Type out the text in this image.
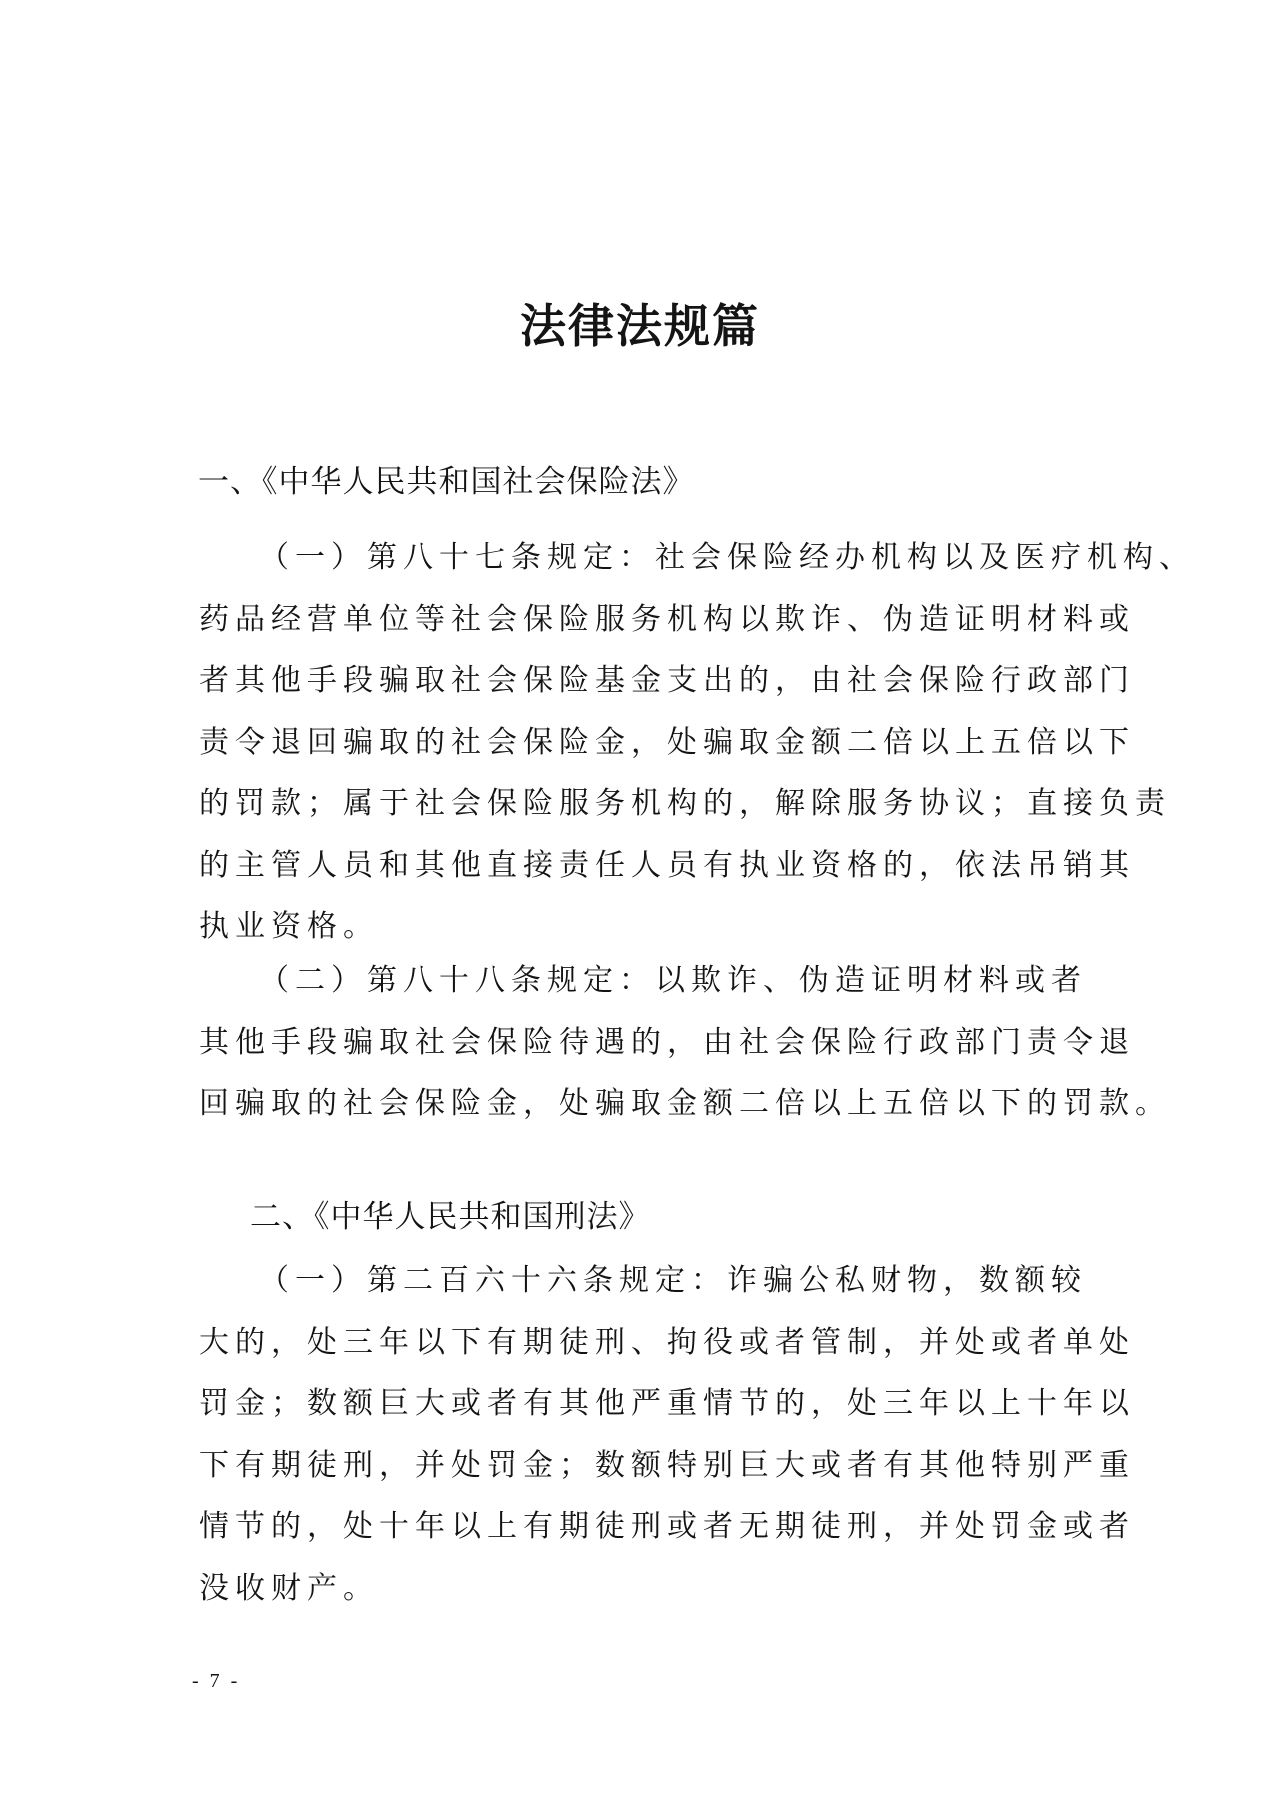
法律法规篇
一、《中华人民共和国社会保险法》

（一）第八十七条规定：社会保险经办机构以及医疗机构、
药品经营单位等社会保险服务机构以欺诈、伪造证明材料或
者其他手段骗取社会保险基金支出的，由社会保险行政部门
责令退回骗取的社会保险金，处骗取金额二倍以上五倍以下
的罚款；属于社会保险服务机构的，解除服务协议；直接负责
的主管人员和其他直接责任人员有执业资格的，依法吊销其
执业资格。

（二）第八十八条规定：以欺诈、伪造证明材料或者
其他手段骗取社会保险待遇的，由社会保险行政部门责令退
回骗取的社会保险金，处骗取金额二倍以上五倍以下的罚款。

二、《中华人民共和国刑法》

（一）第二百六十六条规定：诈骗公私财物，数额较
大的，处三年以下有期徒刑、拘役或者管制，并处或者单处
罚金；数额巨大或者有其他严重情节的，处三年以上十年以
下有期徒刑，并处罚金；数额特别巨大或者有其他特别严重
情节的，处十年以上有期徒刑或者无期徒刑，并处罚金或者
没收财产。

- 7 -
